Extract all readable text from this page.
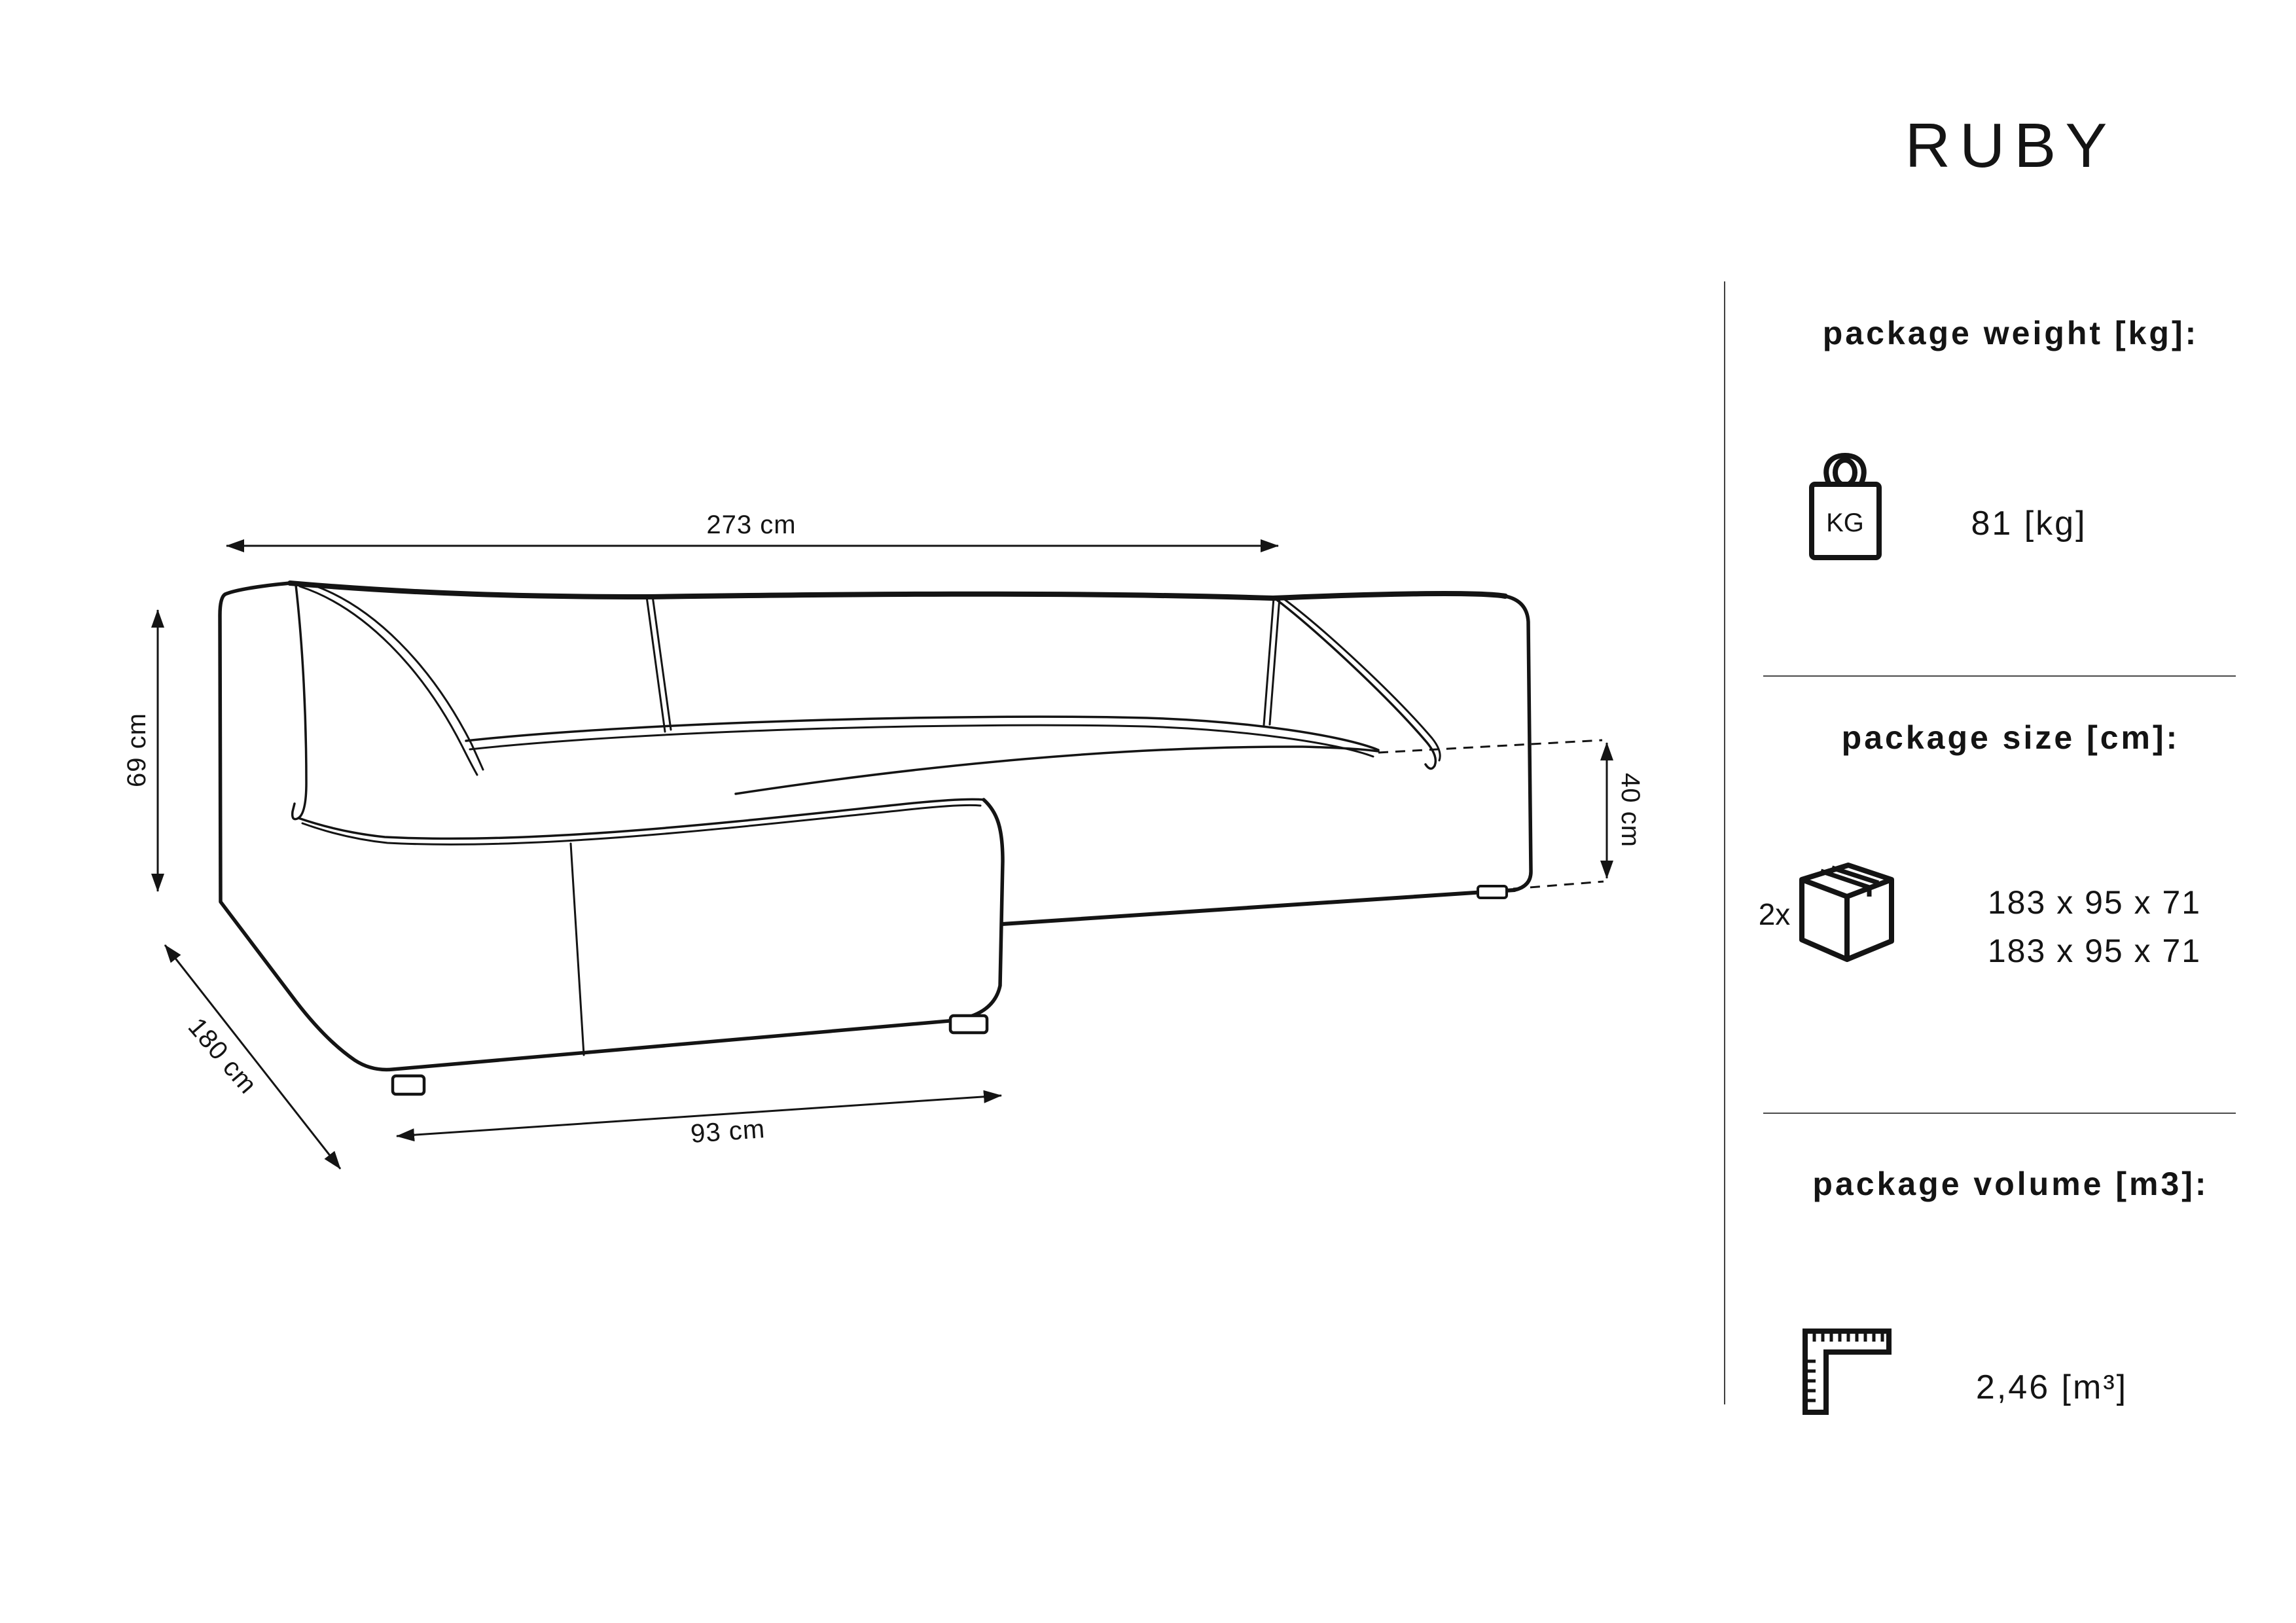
273 cm
69 cm
180 cm
93 cm
40 cm
RUBY
package weight [kg]:
KG	81 [kg]
package size [cm]:
2x	183 x 95 x 71
183 x 95 x 71
package volume [m3]:
2,46 [m³]
